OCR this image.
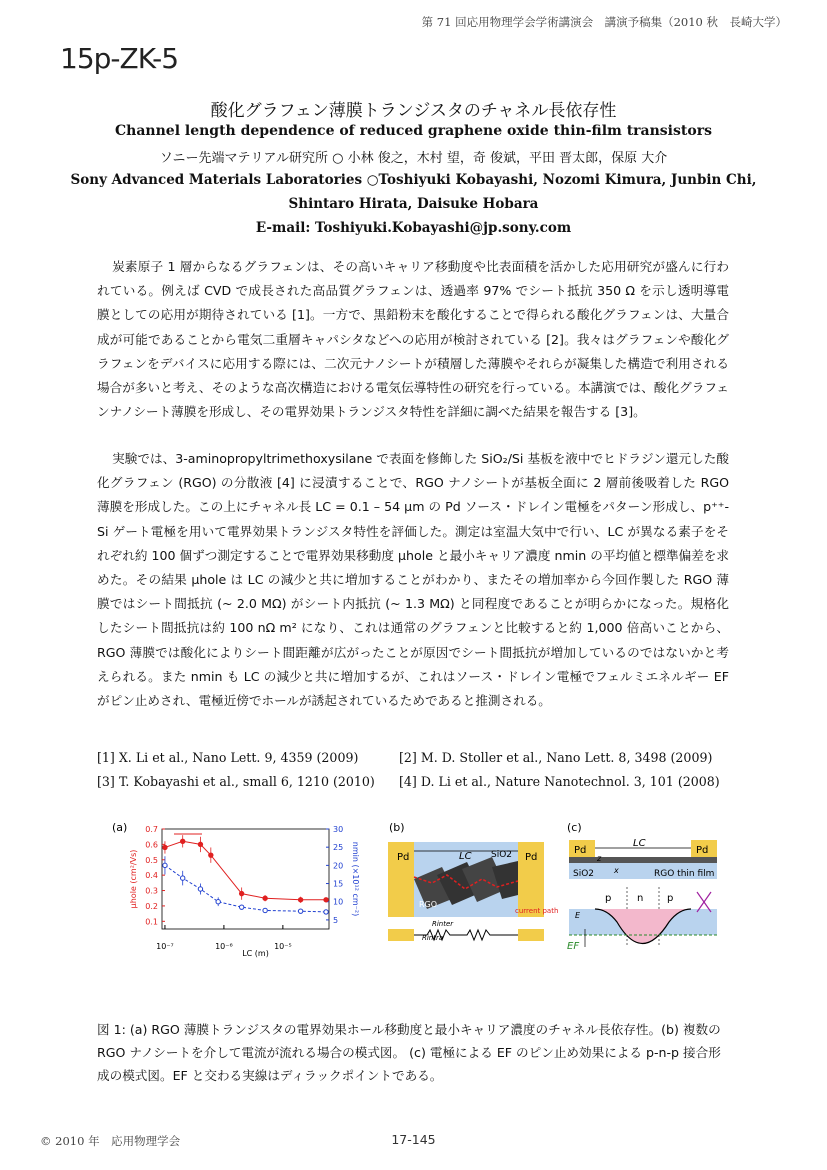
第 71 回応用物理学会学術講演会　講演予稿集（2010 秋　長崎大学）
15p-ZK-5
酸化グラフェン薄膜トランジスタのチャネル長依存性
Channel length dependence of reduced graphene oxide thin-film transistors
ソニー先端マテリアル研究所 ○ 小林 俊之，木村 望，奇 俊斌，平田 晋太郎，保原 大介
Sony Advanced Materials Laboratories ○Toshiyuki Kobayashi, Nozomi Kimura, Junbin Chi,
Shintaro Hirata, Daisuke Hobara
E-mail: Toshiyuki.Kobayashi@jp.sony.com
炭素原子 1 層からなるグラフェンは、その高いキャリア移動度や比表面積を活かした応用研究が盛んに行われている。例えば CVD で成長された高品質グラフェンは、透過率 97% でシート抵抗 350 Ω を示し透明導電膜としての応用が期待されている [1]。一方で、黒鉛粉末を酸化することで得られる酸化グラフェンは、大量合成が可能であることから電気二重層キャパシタなどへの応用が検討されている [2]。我々はグラフェンや酸化グラフェンをデバイスに応用する際には、二次元ナノシートが積層した薄膜やそれらが凝集した構造で利用される場合が多いと考え、そのような高次構造における電気伝導特性の研究を行っている。本講演では、酸化グラフェンナノシート薄膜を形成し、その電界効果トランジスタ特性を詳細に調べた結果を報告する [3]。
実験では、3-aminopropyltrimethoxysilane で表面を修飾した SiO₂/Si 基板を液中でヒドラジン還元した酸化グラフェン (RGO) の分散液 [4] に浸漬することで、RGO ナノシートが基板全面に 2 層前後吸着した RGO 薄膜を形成した。この上にチャネル長 LC = 0.1 – 54 μm の Pd ソース・ドレイン電極をパターン形成し、p⁺⁺-Si ゲート電極を用いて電界効果トランジスタ特性を評価した。測定は室温大気中で行い、LC が異なる素子をそれぞれ約 100 個ずつ測定することで電界効果移動度 μhole と最小キャリア濃度 nmin の平均値と標準偏差を求めた。その結果 μhole は LC の減少と共に増加することがわかり、またその増加率から今回作製した RGO 薄膜ではシート間抵抗 (~ 2.0 MΩ) がシート内抵抗 (~ 1.3 MΩ) と同程度であることが明らかになった。規格化したシート間抵抗は約 100 nΩ m² になり、これは通常のグラフェンと比較すると約 1,000 倍高いことから、RGO 薄膜では酸化によりシート間距離が広がったことが原因でシート間抵抗が増加しているのではないかと考えられる。また nmin も LC の減少と共に増加するが、これはソース・ドレイン電極でフェルミエネルギー EF がピン止めされ、電極近傍でホールが誘起されているためであると推測される。
[1] X. Li et al., Nano Lett. 9, 4359 (2009)	[2] M. D. Stoller et al., Nano Lett. 8, 3498 (2009)
[3] T. Kobayashi et al., small 6, 1210 (2010)	[4] D. Li et al., Nature Nanotechnol. 3, 101 (2008)
(a)
0.1
0.2
0.3
0.4
0.5
0.6
0.7
5
10
15
20
25
30
10⁻⁷	10⁻⁶	10⁻⁵
LC (m)
μhole (cm²/Vs)	nmin (×10¹² cm⁻²)
(b)
Pd	Pd
LC SiO2
RGO
current path
Rinter
Rintra
(c)
LC
Pd	Pd
SiO2	RGO thin film
x
z
p	n p
EF
E
図 1: (a) RGO 薄膜トランジスタの電界効果ホール移動度と最小キャリア濃度のチャネル長依存性。(b) 複数の RGO ナノシートを介して電流が流れる場合の模式図。 (c) 電極による EF のピン止め効果による p-n-p 接合形成の模式図。EF と交わる実線はディラックポイントである。
© 2010 年　応用物理学会	17-145
